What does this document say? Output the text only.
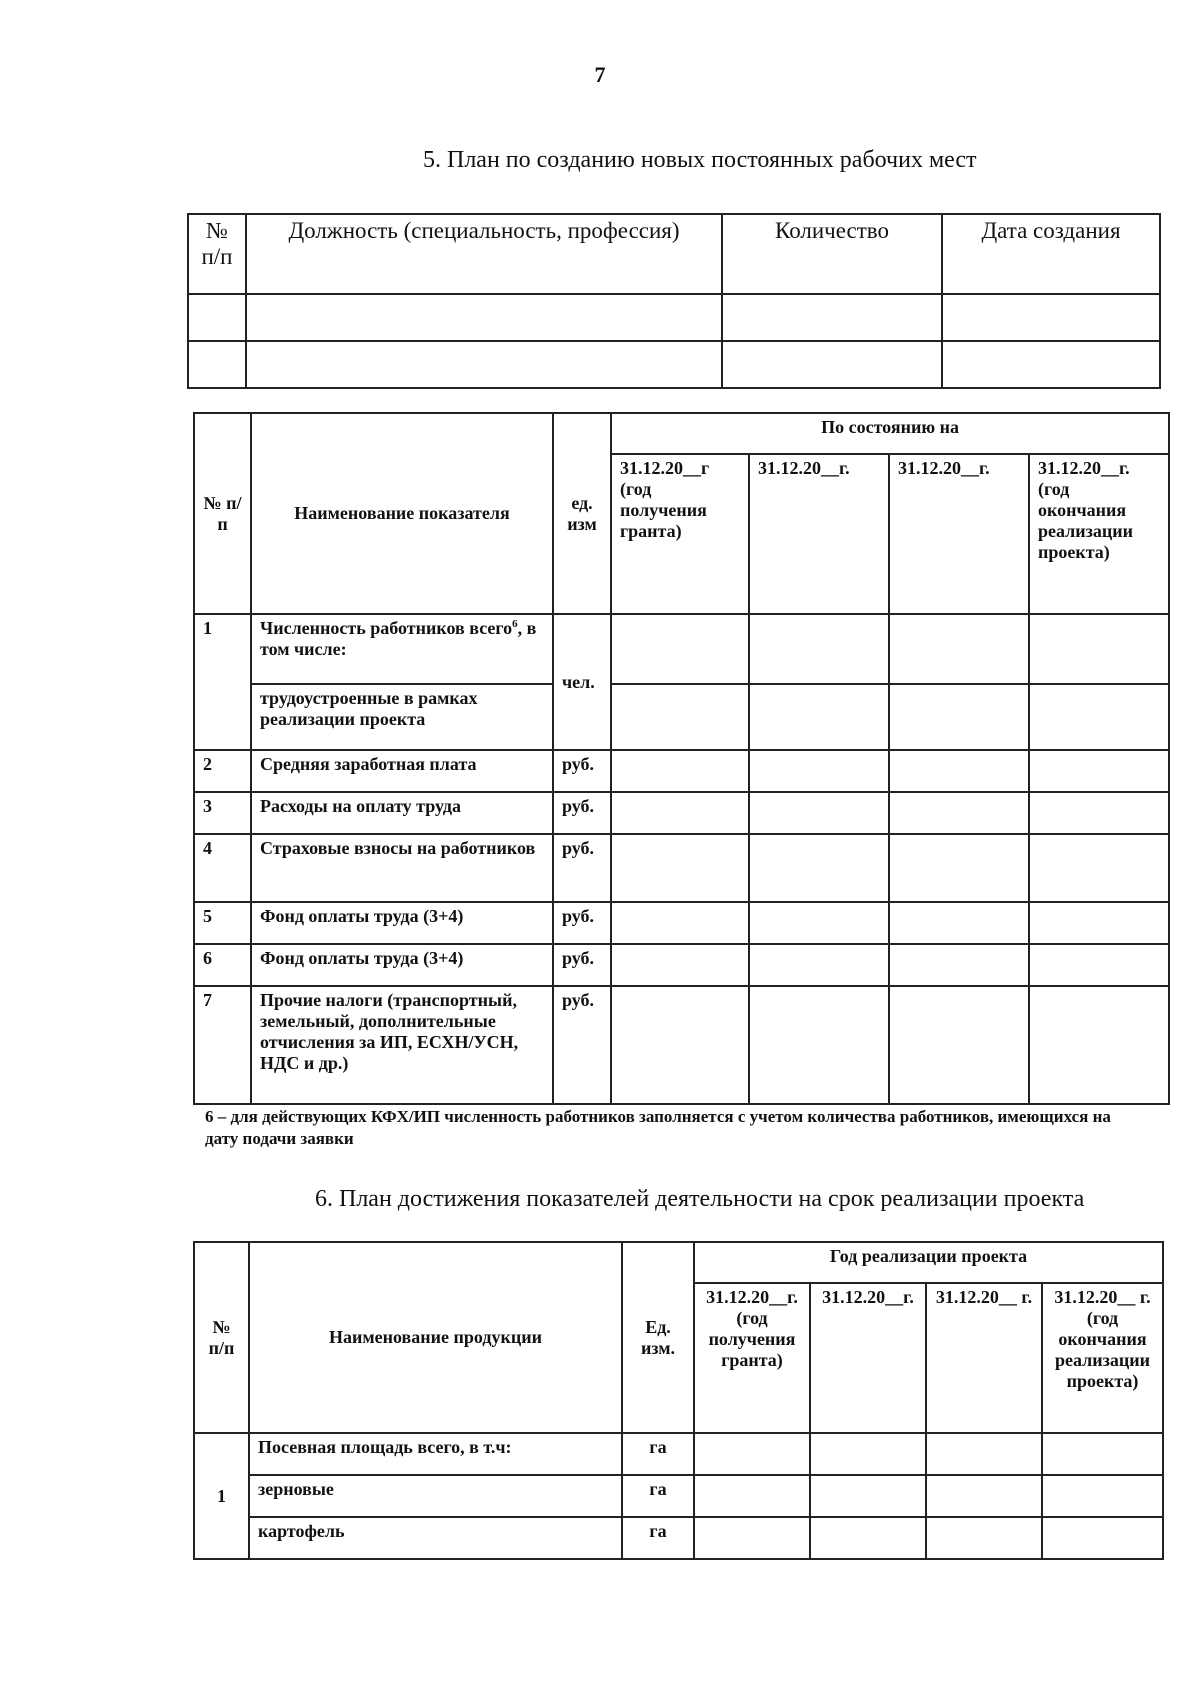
7
5. План по созданию новых постоянных рабочих мест
№ п/п	Должность (специальность, профессия)	Количество	Дата создания

№ п/п	Наименование показателя	ед. изм	По состоянию на			
			31.12.20__г (год получения гранта)	31.12.20__г.	31.12.20__г.	31.12.20__г. (год окончания реализации проекта)
1	Численность работников всего$^6$, в том числе:	чел.				
	трудоустроенные в рамках реализации проекта					
2	Средняя заработная плата	руб.				
3	Расходы на оплату труда	руб.				
4	Страховые взносы на работников	руб.				
5	Фонд оплаты труда (3+4)	руб.				
6	Фонд оплаты труда (3+4)	руб.				
7	Прочие налоги (транспортный, земельный, дополнительные отчисления за ИП, ЕСХН/УСН, НДС и др.)	руб.				
6 – для действующих КФХ/ИП численность работников заполняется с учетом количества работников, имеющихся на дату подачи заявки
6. План достижения показателей деятельности на срок реализации проекта
№ п/п	Наименование продукции	Ед. изм.	Год реализации проекта			
			31.12.20__г. (год получения гранта)	31.12.20__г.	31.12.20__ г.	31.12.20__ г. (год окончания реализации проекта)
1	Посевная площадь всего, в т.ч:	га				
	зерновые	га				
	картофель	га				
